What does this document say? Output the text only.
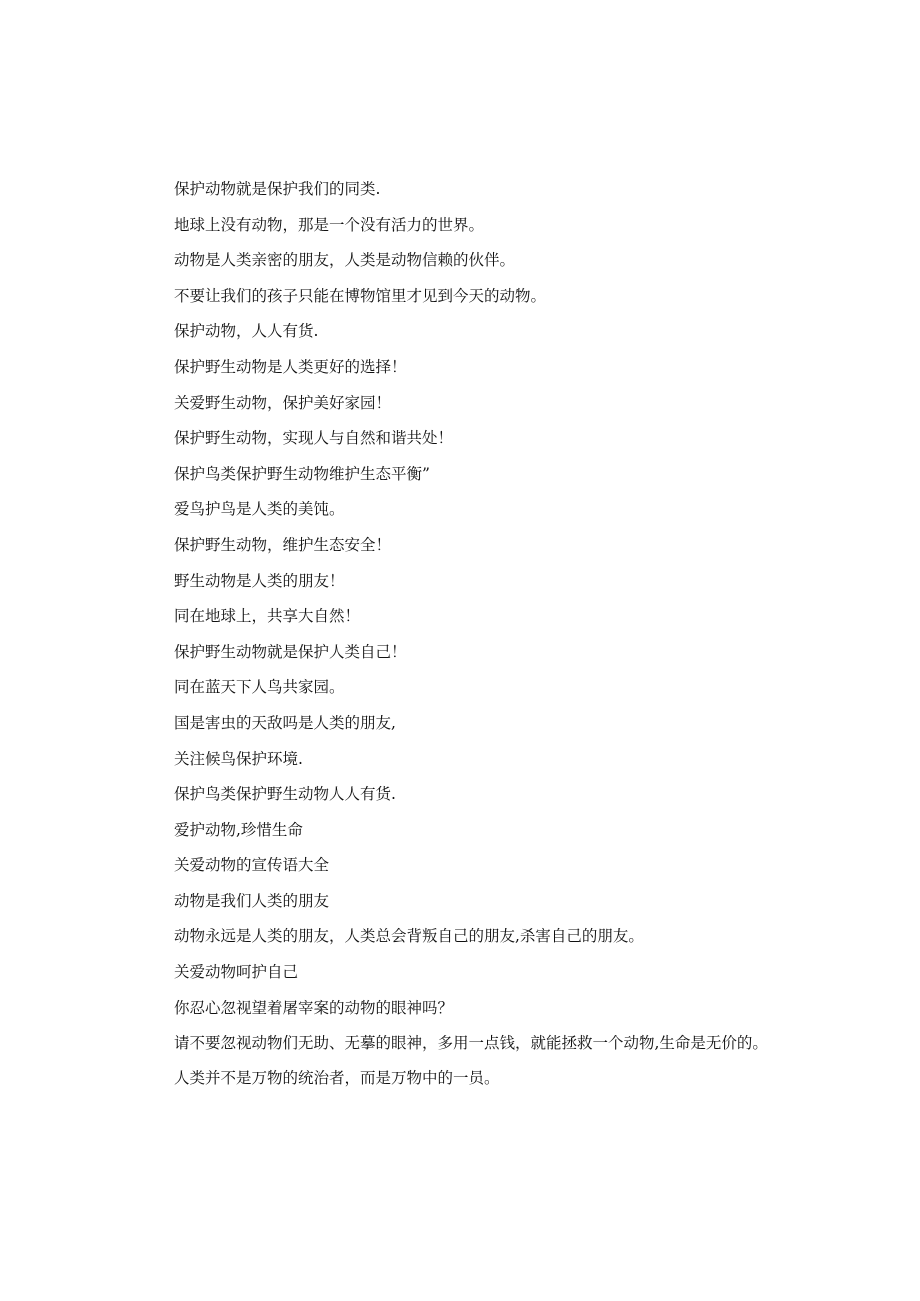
保护动物就是保护我们的同类.

地球上没有动物，那是一个没有活力的世界。

动物是人类亲密的朋友，人类是动物信赖的伙伴。

不要让我们的孩子只能在博物馆里才见到今天的动物。

保护动物，人人有货.

保护野生动物是人类更好的选择！

关爱野生动物，保护美好家园！

保护野生动物，实现人与自然和谐共处！

保护鸟类保护野生动物维护生态平衡”

爱鸟护鸟是人类的美饨。

保护野生动物，维护生态安全！

野生动物是人类的朋友！

同在地球上，共享大自然！

保护野生动物就是保护人类自己！

同在蓝天下人鸟共家园。

国是害虫的天敌吗是人类的朋友,

关注候鸟保护环境.

保护鸟类保护野生动物人人有货.

爱护动物,珍惜生命

关爱动物的宣传语大全

动物是我们人类的朋友

动物永远是人类的朋友，人类总会背叛自己的朋友,杀害自己的朋友。

关爱动物呵护自己

你忍心忽视望着屠宰案的动物的眼神吗？

请不要忽视动物们无助、无摹的眼神，多用一点钱，就能拯救一个动物,生命是无价的。

人类并不是万物的统治者，而是万物中的一员。
